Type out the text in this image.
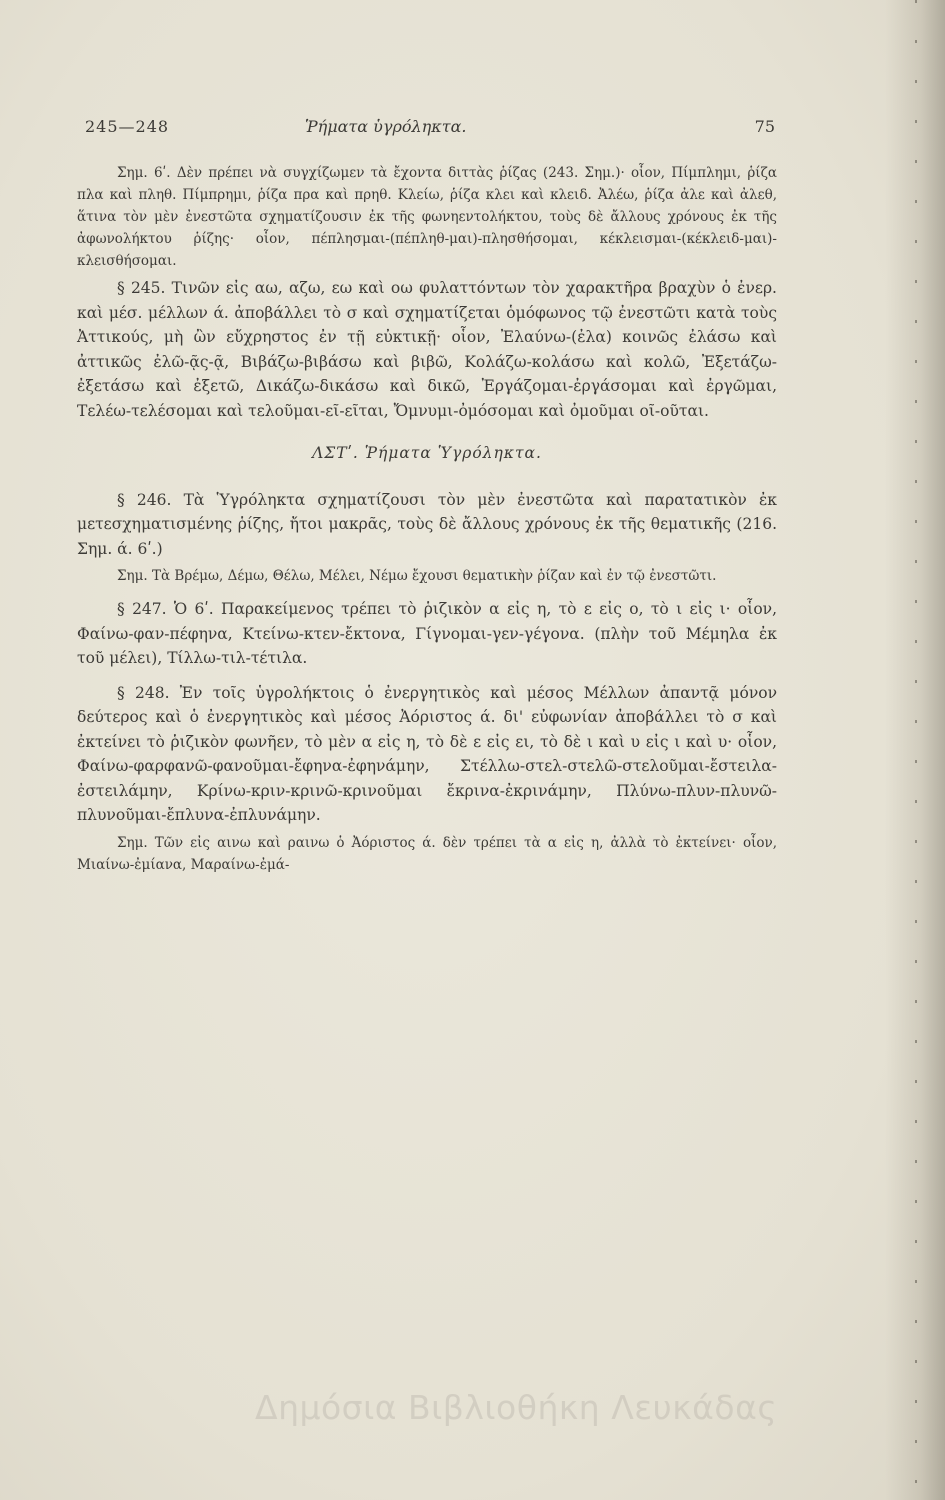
245—248	Ῥήματα ὑγρόληκτα.	75

Σημ. 6ʹ. Δὲν πρέπει νὰ συγχίζωμεν τὰ ἔχοντα διττὰς ῥίζας (243. Σημ.)· οἷον, Πίμπλημι, ῥίζα πλα καὶ πληθ. Πίμπρημι, ῥίζα πρα καὶ πρηθ. Κλείω, ῥίζα κλει καὶ κλειδ. Ἀλέω, ῥίζα ἀλε καὶ ἀλεθ, ἅτινα τὸν μὲν ἐνεστῶτα σχηματίζουσιν ἐκ τῆς φωνηεντολήκτου, τοὺς δὲ ἄλλους χρόνους ἐκ τῆς ἀφωνολήκτου ῥίζης· οἷον, πέπλησμαι-(πέπληθ-μαι)-πλησθήσομαι, κέκλεισμαι-(κέκλειδ-μαι)-κλεισθήσομαι.

§ 245. Τινῶν εἰς αω, αζω, εω καὶ οω φυλαττόντων τὸν χαρακτῆρα βραχὺν ὁ ἐνερ. καὶ μέσ. μέλλων ά. ἀποβάλλει τὸ σ καὶ σχηματίζεται ὁμόφωνος τῷ ἐνεστῶτι κατὰ τοὺς Ἀττικούς, μὴ ὢν εὔχρηστος ἐν τῇ εὐκτικῇ· οἷον, Ἐλαύνω-(ἐλα) κοινῶς ἐλάσω καὶ ἀττικῶς ἐλῶ-ᾷς-ᾷ, Βιβάζω-βιβάσω καὶ βιβῶ, Κολάζω-κολάσω καὶ κολῶ, Ἐξετάζω-ἐξετάσω καὶ ἐξετῶ, Δικάζω-δικάσω καὶ δικῶ, Ἐργάζομαι-ἐργάσομαι καὶ ἐργῶμαι, Τελέω-τελέσομαι καὶ τελοῦμαι-εῖ-εῖται, Ὄμνυμι-ὀμόσομαι καὶ ὀμοῦμαι οῖ-οῦται.

ΛΣΤʹ. Ῥήματα Ὑγρόληκτα.

§ 246. Τὰ Ὑγρόληκτα σχηματίζουσι τὸν μὲν ἐνεστῶτα καὶ παρατατικὸν ἐκ μετεσχηματισμένης ῥίζης, ἤτοι μακρᾶς, τοὺς δὲ ἄλλους χρόνους ἐκ τῆς θεματικῆς (216. Σημ. ά. 6ʹ.)

Σημ. Τὰ Βρέμω, Δέμω, Θέλω, Μέλει, Νέμω ἔχουσι θεματικὴν ῥίζαν καὶ ἐν τῷ ἐνεστῶτι.

§ 247. Ὁ 6ʹ. Παρακείμενος τρέπει τὸ ῥιζικὸν α εἰς η, τὸ ε εἰς ο, τὸ ι εἰς ι· οἷον, Φαίνω-φαν-πέφηνα, Κτείνω-κτεν-ἔκτονα, Γίγνομαι-γεν-γέγονα. (πλὴν τοῦ Μέμηλα ἐκ τοῦ μέλει), Τίλλω-τιλ-τέτιλα.

§ 248. Ἐν τοῖς ὑγρολήκτοις ὁ ἐνεργητικὸς καὶ μέσος Μέλλων ἀπαντᾷ μόνον δεύτερος καὶ ὁ ἐνεργητικὸς καὶ μέσος Ἀόριστος ά. δι' εὐφωνίαν ἀποβάλλει τὸ σ καὶ ἐκτείνει τὸ ῥιζικὸν φωνῆεν, τὸ μὲν α εἰς η, τὸ δὲ ε εἰς ει, τὸ δὲ ι καὶ υ εἰς ι καὶ υ· οἷον, Φαίνω-φαρφανῶ-φανοῦμαι-ἔφηνα-ἐφηνάμην, Στέλλω-στελ-στελῶ-στελοῦμαι-ἔστειλα-ἐστειλάμην, Κρίνω-κριν-κρινῶ-κρινοῦμαι ἔκρινα-ἐκρινάμην, Πλύνω-πλυν-πλυνῶ-πλυνοῦμαι-ἔπλυνα-ἐπλυνάμην.

Σημ. Τῶν εἰς αινω καὶ ραινω ὁ Ἀόριστος ά. δὲν τρέπει τὰ α εἰς η, ἀλλὰ τὸ ἐκτείνει· οἷον, Μιαίνω-ἐμίανα, Μαραίνω-ἐμά-

Δημόσια Βιβλιοθήκη Λευκάδας
